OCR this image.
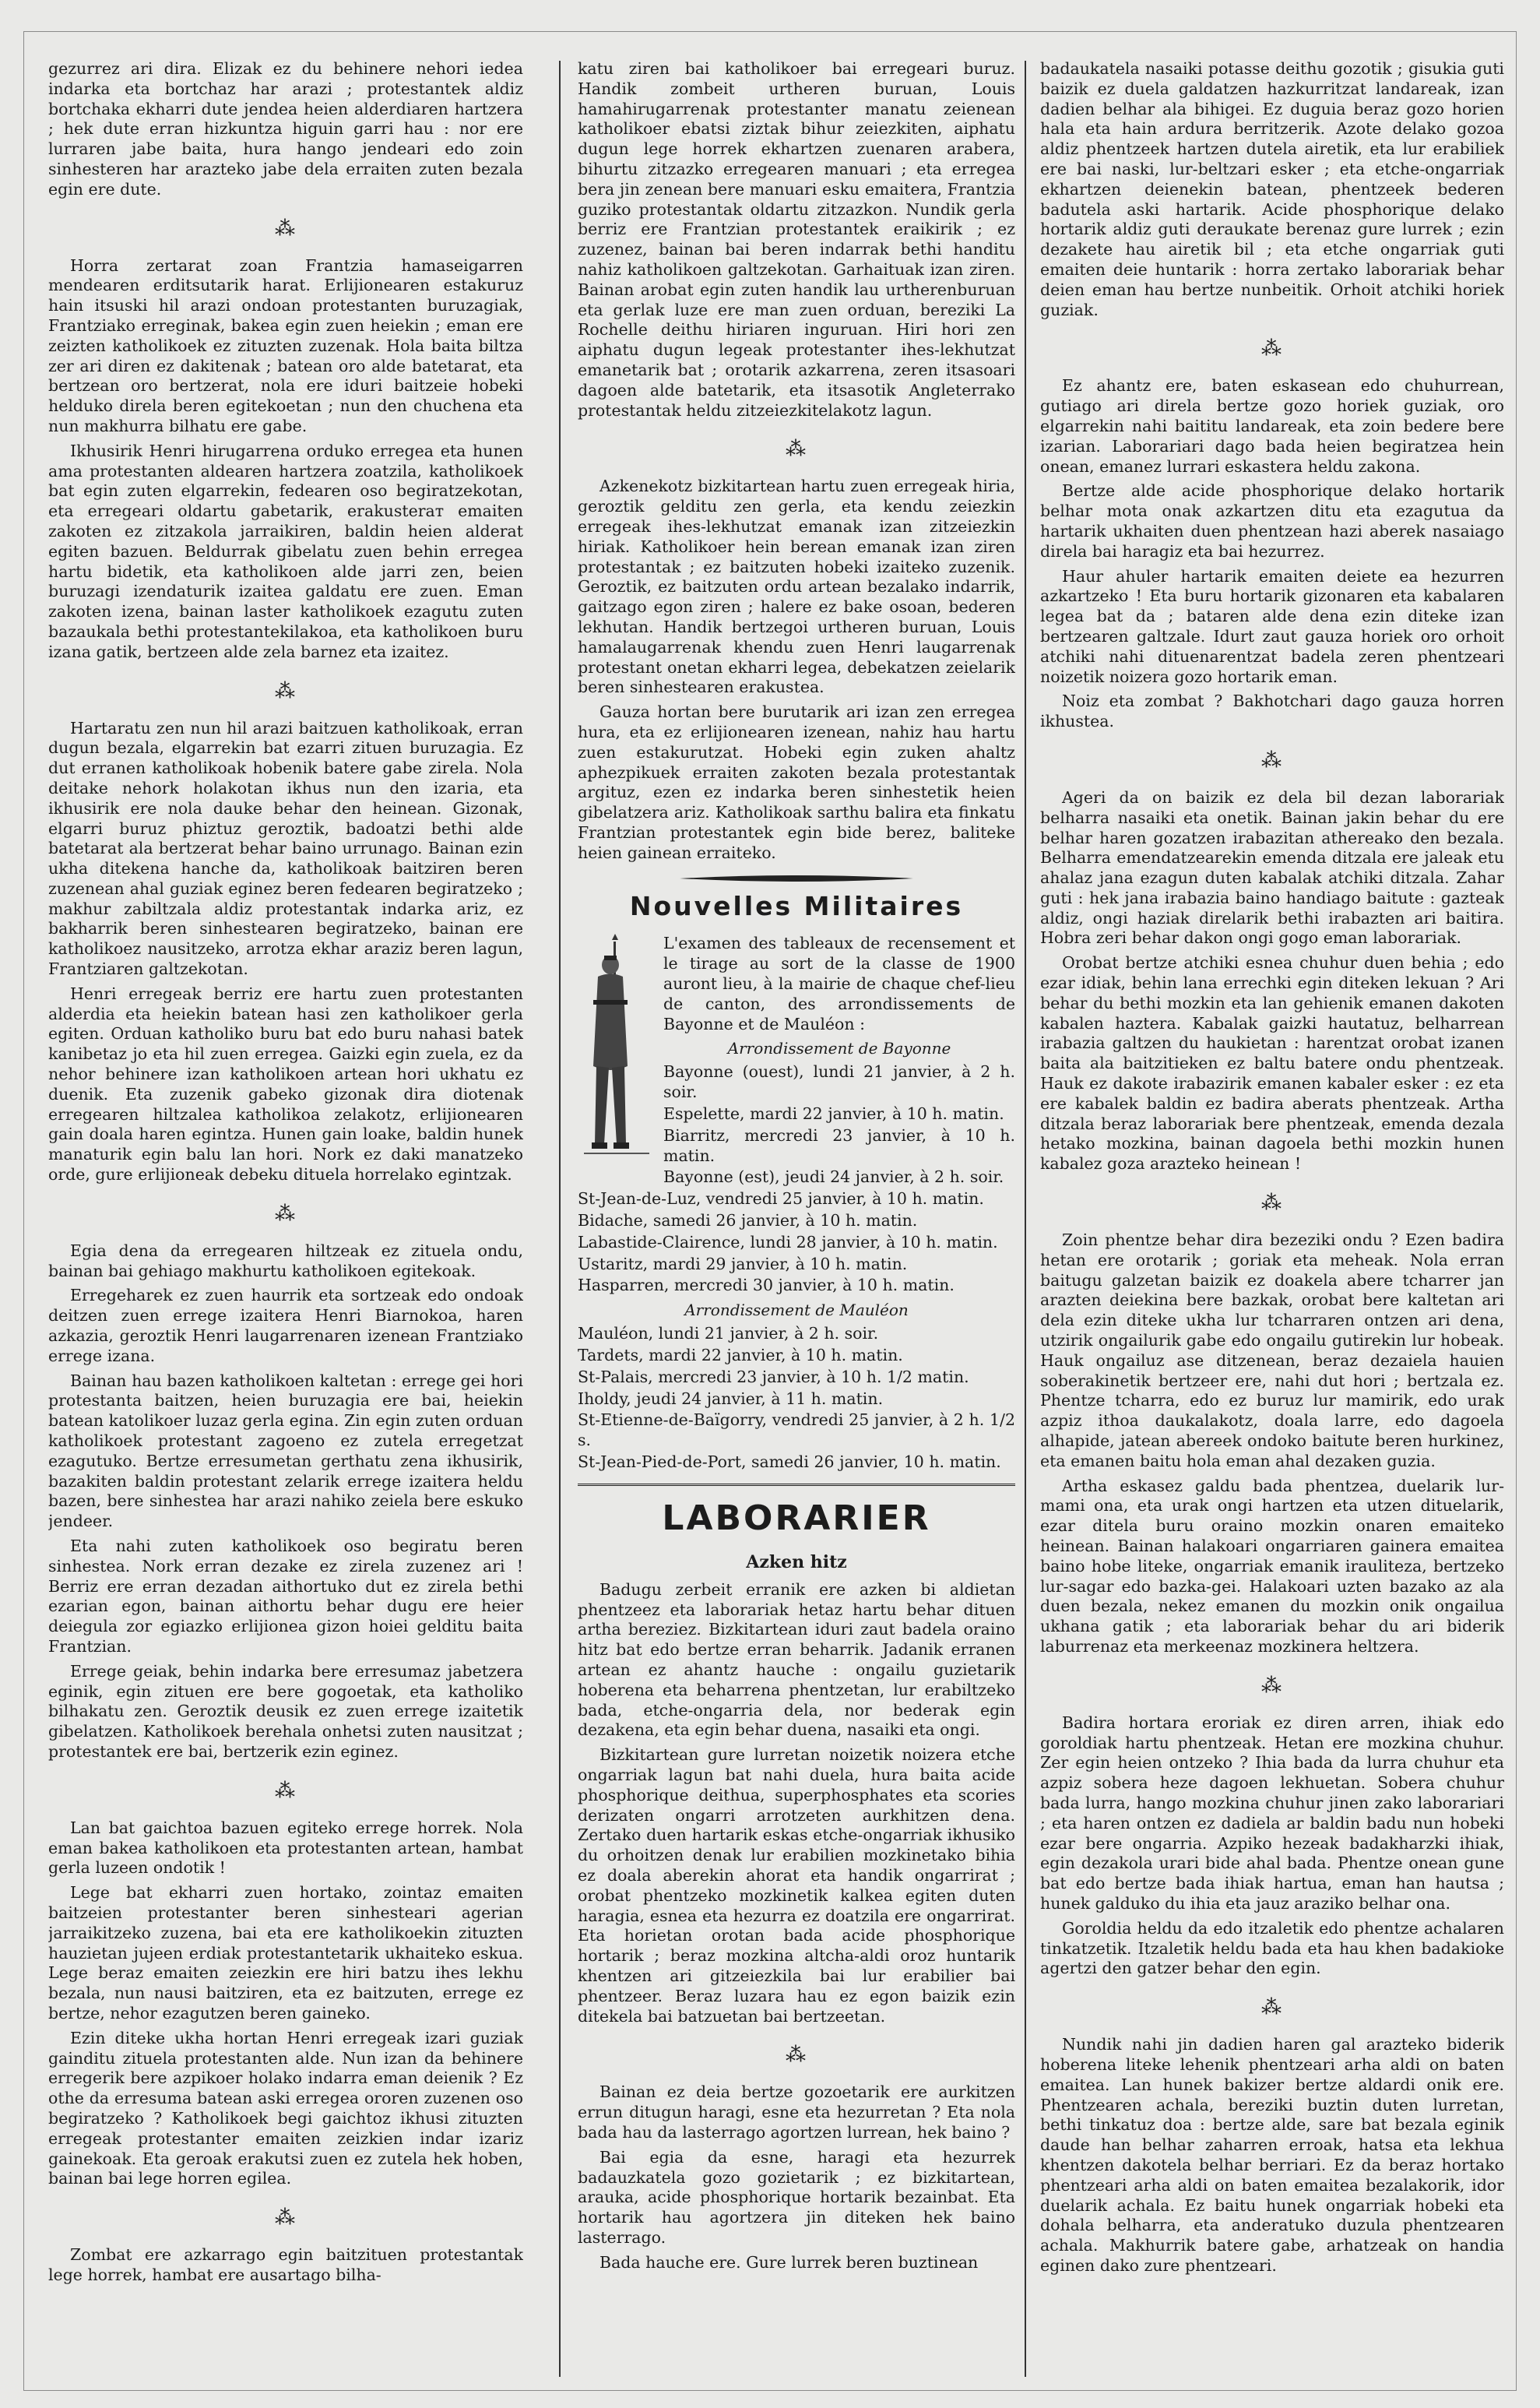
gezurrez ari dira. Elizak ez du behinere nehori iedea indarka eta bortchaz har arazi ; protestantek aldiz bortchaka ekharri dute jendea heien alderdiaren hartzera ; hek dute erran hizkuntza higuin garri hau : nor ere lurraren jabe baita, hura hango jendeari edo zoin sinhesteren har arazteko jabe dela erraiten zuten bezala egin ere dute.

⁂

Horra zertarat zoan Frantzia hamaseigarren mendearen erditsutarik harat. Erlijionearen estakuruz hain itsuski hil arazi ondoan protestanten buruzagiak, Frantziako erreginak, bakea egin zuen heiekin ; eman ere zeizten katholikoek ez zituzten zuzenak. Hola baita biltza zer ari diren ez dakitenak ; batean oro alde batetarat, eta bertzean oro bertzerat, nola ere iduri baitzeie hobeki helduko direla beren egitekoetan ; nun den chuchena eta nun makhurra bilhatu ere gabe.

Ikhusirik Henri hirugarrena orduko erregea eta hunen ama protestanten aldearen hartzera zoatzila, katholikoek bat egin zuten elgarrekin, fedearen oso begiratzekotan, eta erregeari oldartu gabetarik, erakusteraт emaiten zakoten ez zitzakola jarraikiren, baldin heien alderat egiten bazuen. Beldurrak gibelatu zuen behin erregea hartu bidetik, eta katholikoen alde jarri zen, beien buruzagi izendaturik izaitea galdatu ere zuen. Eman zakoten izena, bainan laster katholikoek ezagutu zuten bazaukala bethi protestantekilakoa, eta katholikoen buru izana gatik, bertzeen alde zela barnez eta izaitez.

⁂

Hartaratu zen nun hil arazi baitzuen katholikoak, erran dugun bezala, elgarrekin bat ezarri zituen buruzagia. Ez dut erranen katholikoak hobenik batere gabe zirela. Nola deitake nehork holakotan ikhus nun den izaria, eta ikhusirik ere nola dauke behar den heinean. Gizonak, elgarri buruz phiztuz geroztik, badoatzi bethi alde batetarat ala bertzerat behar baino urrunago. Bainan ezin ukha ditekena hanche da, katholikoak baitziren beren zuzenean ahal guziak eginez beren fedearen begiratzeko ; makhur zabiltzala aldiz protestantak indarka ariz, ez bakharrik beren sinhestearen begiratzeko, bainan ere katholikoez nausitzeko, arrotza ekhar araziz beren lagun, Frantziaren galtzekotan.

Henri erregeak berriz ere hartu zuen protestanten alderdia eta heiekin batean hasi zen katholikoer gerla egiten. Orduan katholiko buru bat edo buru nahasi batek kanibetaz jo eta hil zuen erregea. Gaizki egin zuela, ez da nehor behinere izan katholikoen artean hori ukhatu ez duenik. Eta zuzenik gabeko gizonak dira diotenak erregearen hiltzalea katholikoa zelakotz, erlijionearen gain doala haren egintza. Hunen gain loake, baldin hunek manaturik egin balu lan hori. Nork ez daki manatzeko orde, gure erlijioneak debeku dituela horrelako egintzak.

⁂

Egia dena da erregearen hiltzeak ez zituela ondu, bainan bai gehiago makhurtu katholikoen egitekoak.

Erregeharek ez zuen haurrik eta sortzeak edo ondoak deitzen zuen errege izaitera Henri Biarnokoa, haren azkazia, geroztik Henri laugarrenaren izenean Frantziako errege izana.

Bainan hau bazen katholikoen kaltetan : errege gei hori protestanta baitzen, heien buruzagia ere bai, heiekin batean katolikoer luzaz gerla egina. Zin egin zuten orduan katholikoek protestant zagoeno ez zutela erregetzat ezagutuko. Bertze erresumetan gerthatu zena ikhusirik, bazakiten baldin protestant zelarik errege izaitera heldu bazen, bere sinhestea har arazi nahiko zeiela bere eskuko jendeer.

Eta nahi zuten katholikoek oso begiratu beren sinhestea. Nork erran dezake ez zirela zuzenez ari ! Berriz ere erran dezadan aithortuko dut ez zirela bethi ezarian egon, bainan aithortu behar dugu ere heier deiegula zor egiazko erlijionea gizon hoiei gelditu baita Frantzian.

Errege geiak, behin indarka bere erresumaz jabetzera eginik, egin zituen ere bere gogoetak, eta katholiko bilhakatu zen. Geroztik deusik ez zuen errege izaitetik gibelatzen. Katholikoek berehala onhetsi zuten nausitzat ; protestantek ere bai, bertzerik ezin eginez.

⁂

Lan bat gaichtoa bazuen egiteko errege horrek. Nola eman bakea katholikoen eta protestanten artean, hambat gerla luzeen ondotik !

Lege bat ekharri zuen hortako, zointaz emaiten baitzeien protestanter beren sinhesteari agerian jarraikitzeko zuzena, bai eta ere katholikoekin zituzten hauzietan jujeen erdiak protestantetarik ukhaiteko eskua. Lege beraz emaiten zeiezkin ere hiri batzu ihes lekhu bezala, nun nausi baitziren, eta ez baitzuten, errege ez bertze, nehor ezagutzen beren gaineko.

Ezin diteke ukha hortan Henri erregeak izari guziak gainditu zituela protestanten alde. Nun izan da behinere erregerik bere azpikoer holako indarra eman deienik ? Ez othe da erresuma batean aski erregea ororen zuzenen oso begiratzeko ? Katholikoek begi gaichtoz ikhusi zituzten erregeak protestanter emaiten zeizkien indar izariz gainekoak. Eta geroak erakutsi zuen ez zutela hek hoben, bainan bai lege horren egilea.

⁂

Zombat ere azkarrago egin baitzituen protestantak lege horrek, hambat ere ausartago bilha-

katu ziren bai katholikoer bai erregeari buruz. Handik zombeit urtheren buruan, Louis hamahirugarrenak protestanter manatu zeienean katholikoer ebatsi ziztak bihur zeiezkiten, aiphatu dugun lege horrek ekhartzen zuenaren arabera, bihurtu zitzazko erregearen manuari ; eta erregea bera jin zenean bere manuari esku emaitera, Frantzia guziko protestantak oldartu zitzazkon. Nundik gerla berriz ere Frantzian protestantek eraikirik ; ez zuzenez, bainan bai beren indarrak bethi handitu nahiz katholikoen galtzekotan. Garhaituak izan ziren. Bainan arobat egin zuten handik lau urtherenburuan eta gerlak luze ere man zuen orduan, bereziki La Rochelle deithu hiriaren inguruan. Hiri hori zen aiphatu dugun legeak protestanter ihes-lekhutzat emanetarik bat ; orotarik azkarrena, zeren itsasoari dagoen alde batetarik, eta itsasotik Angleterrako protestantak heldu zitzeiezkitelakotz lagun.

⁂

Azkenekotz bizkitartean hartu zuen erregeak hiria, geroztik gelditu zen gerla, eta kendu zeiezkin erregeak ihes-lekhutzat emanak izan zitzeiezkin hiriak. Katholikoer hein berean emanak izan ziren protestantak ; ez baitzuten hobeki izaiteko zuzenik. Geroztik, ez baitzuten ordu artean bezalako indarrik, gaitzago egon ziren ; halere ez bake osoan, bederen lekhutan. Handik bertzegoi urtheren buruan, Louis hamalaugarrenak khendu zuen Henri laugarrenak protestant onetan ekharri legea, debekatzen zeielarik beren sinhestearen erakustea.

Gauza hortan bere burutarik ari izan zen erregea hura, eta ez erlijionearen izenean, nahiz hau hartu zuen estakurutzat. Hobeki egin zuken ahaltz aphezpikuek erraiten zakoten bezala protestantak argituz, ezen ez indarka beren sinhestetik heien gibelatzera ariz. Katholikoak sarthu balira eta finkatu Frantzian protestantek egin bide berez, baliteke heien gainean erraiteko.

Nouvelles Militaires

L'examen des tableaux de recensement et le tirage au sort de la classe de 1900 auront lieu, à la mairie de chaque chef-lieu de canton, des arrondissements de Bayonne et de Mauléon :

Arrondissement de Bayonne

Bayonne (ouest), lundi 21 janvier, à 2 h. soir.

Espelette, mardi 22 janvier, à 10 h. matin.

Biarritz, mercredi 23 janvier, à 10 h. matin.

Bayonne (est), jeudi 24 janvier, à 2 h. soir.

St-Jean-de-Luz, vendredi 25 janvier, à 10 h. matin.

Bidache, samedi 26 janvier, à 10 h. matin.

Labastide-Clairence, lundi 28 janvier, à 10 h. matin.

Ustaritz, mardi 29 janvier, à 10 h. matin.

Hasparren, mercredi 30 janvier, à 10 h. matin.

Arrondissement de Mauléon

Mauléon, lundi 21 janvier, à 2 h. soir.

Tardets, mardi 22 janvier, à 10 h. matin.

St-Palais, mercredi 23 janvier, à 10 h. 1/2 matin.

Iholdy, jeudi 24 janvier, à 11 h. matin.

St-Etienne-de-Baïgorry, vendredi 25 janvier, à 2 h. 1/2 s.

St-Jean-Pied-de-Port, samedi 26 janvier, 10 h. matin.

LABORARIER
Azken hitz

Badugu zerbeit erranik ere azken bi aldietan phentzeez eta laborariak hetaz hartu behar dituen artha bereziez. Bizkitartean iduri zaut badela oraino hitz bat edo bertze erran beharrik. Jadanik erranen artean ez ahantz hauche : ongailu guzietarik hoberena eta beharrena phentzetan, lur erabiltzeko bada, etche-ongarria dela, nor bederak egin dezakena, eta egin behar duena, nasaiki eta ongi.

Bizkitartean gure lurretan noizetik noizera etche ongarriak lagun bat nahi duela, hura baita acide phosphorique deithua, superphosphates eta scories derizaten ongarri arrotzeten aurkhitzen dena. Zertako duen hartarik eskas etche-ongarriak ikhusiko du orhoitzen denak lur erabilien mozkinetako bihia ez doala aberekin ahorat eta handik ongarrirat ; orobat phentzeko mozkinetik kalkea egiten duten haragia, esnea eta hezurra ez doatzila ere ongarrirat. Eta horietan orotan bada acide phosphorique hortarik ; beraz mozkina altcha-aldi oroz huntarik khentzen ari gitzeiezkila bai lur erabilier bai phentzeer. Beraz luzara hau ez egon baizik ezin ditekela bai batzuetan bai bertzeetan.

⁂

Bainan ez deia bertze gozoetarik ere aurkitzen errun ditugun haragi, esne eta hezurretan ? Eta nola bada hau da lasterrago agortzen lurrean, hek baino ?

Bai egia da esne, haragi eta hezurrek badauzkatela gozo gozietarik ; ez bizkitartean, arauka, acide phosphorique hortarik bezainbat. Eta hortarik hau agortzera jin diteken hek baino lasterrago.

Bada hauche ere. Gure lurrek beren buztinean

badaukatela nasaiki potasse deithu gozotik ; gisukia guti baizik ez duela galdatzen hazkurritzat landareak, izan dadien belhar ala bihigei. Ez duguia beraz gozo horien hala eta hain ardura berritzerik. Azote delako gozoa aldiz phentzeek hartzen dutela airetik, eta lur erabiliek ere bai naski, lur-beltzari esker ; eta etche-ongarriak ekhartzen deienekin batean, phentzeek bederen badutela aski hartarik. Acide phosphorique delako hortarik aldiz guti deraukate berenaz gure lurrek ; ezin dezakete hau airetik bil ; eta etche ongarriak guti emaiten deie huntarik : horra zertako laborariak behar deien eman hau bertze nunbeitik. Orhoit atchiki horiek guziak.

⁂

Ez ahantz ere, baten eskasean edo chuhurrean, gutiago ari direla bertze gozo horiek guziak, oro elgarrekin nahi baititu landareak, eta zoin bedere bere izarian. Laborariari dago bada heien begiratzea hein onean, emanez lurrari eskastera heldu zakona.

Bertze alde acide phosphorique delako hortarik belhar mota onak azkartzen ditu eta ezagutua da hartarik ukhaiten duen phentzean hazi aberek nasaiago direla bai haragiz eta bai hezurrez.

Haur ahuler hartarik emaiten deiete ea hezurren azkartzeko ! Eta buru hortarik gizonaren eta kabalaren legea bat da ; bataren alde dena ezin diteke izan bertzearen galtzale. Idurt zaut gauza horiek oro orhoit atchiki nahi dituenarentzat badela zeren phentzeari noizetik noizera gozo hortarik eman.

Noiz eta zombat ? Bakhotchari dago gauza horren ikhustea.

⁂

Ageri da on baizik ez dela bil dezan laborariak belharra nasaiki eta onetik. Bainan jakin behar du ere belhar haren gozatzen irabazitan athereako den bezala. Belharra emendatzearekin emenda ditzala ere jaleak etu ahalaz jana ezagun duten kabalak atchiki ditzala. Zahar guti : hek jana irabazia baino handiago baitute : gazteak aldiz, ongi haziak direlarik bethi irabazten ari baitira. Hobra zeri behar dakon ongi gogo eman laborariak.

Orobat bertze atchiki esnea chuhur duen behia ; edo ezar idiak, behin lana errechki egin diteken lekuan ? Ari behar du bethi mozkin eta lan gehienik emanen dakoten kabalen haztera. Kabalak gaizki hautatuz, belharrean irabazia galtzen du haukietan : harentzat orobat izanen baita ala baitzitieken ez baltu batere ondu phentzeak. Hauk ez dakote irabazirik emanen kabaler esker : ez eta ere kabalek baldin ez badira aberats phentzeak. Artha ditzala beraz laborariak bere phentzeak, emenda dezala hetako mozkina, bainan dagoela bethi mozkin hunen kabalez goza arazteko heinean !

⁂

Zoin phentze behar dira bezeziki ondu ? Ezen badira hetan ere orotarik ; goriak eta meheak. Nola erran baitugu galzetan baizik ez doakela abere tcharrer jan arazten deiekina bere bazkak, orobat bere kaltetan ari dela ezin diteke ukha lur tcharraren ontzen ari dena, utzirik ongailurik gabe edo ongailu gutirekin lur hobeak. Hauk ongailuz ase ditzenean, beraz dezaiela hauien soberakinetik bertzeer ere, nahi dut hori ; bertzala ez. Phentze tcharra, edo ez buruz lur mamirik, edo urak azpiz ithoa daukalakotz, doala larre, edo dagoela alhapide, jatean abereek ondoko baitute beren hurkinez, eta emanen baitu hola eman ahal dezaken guzia.

Artha eskasez galdu bada phentzea, duelarik lur-mami ona, eta urak ongi hartzen eta utzen dituelarik, ezar ditela buru oraino mozkin onaren emaiteko heinean. Bainan halakoari ongarriaren gainera emaitea baino hobe liteke, ongarriak emanik irauliteza, bertzeko lur-sagar edo bazka-gei. Halakoari uzten bazako az ala duen bezala, nekez emanen du mozkin onik ongailua ukhana gatik ; eta laborariak behar du ari biderik laburrenaz eta merkeenaz mozkinera heltzera.

⁂

Badira hortara eroriak ez diren arren, ihiak edo goroldiak hartu phentzeak. Hetan ere mozkina chuhur. Zer egin heien ontzeko ? Ihia bada da lurra chuhur eta azpiz sobera heze dagoen lekhuetan. Sobera chuhur bada lurra, hango mozkina chuhur jinen zako laborariari ; eta haren ontzen ez dadiela ar baldin badu nun hobeki ezar bere ongarria. Azpiko hezeak badakharzki ihiak, egin dezakola urari bide ahal bada. Phentze onean gune bat edo bertze bada ihiak hartua, eman han hautsa ; hunek galduko du ihia eta jauz araziko belhar ona.

Goroldia heldu da edo itzaletik edo phentze achalaren tinkatzetik. Itzaletik heldu bada eta hau khen badakioke agertzi den gatzer behar den egin.

⁂

Nundik nahi jin dadien haren gal arazteko biderik hoberena liteke lehenik phentzeari arha aldi on baten emaitea. Lan hunek bakizer bertze aldardi onik ere. Phentzearen achala, bereziki buztin duten lurretan, bethi tinkatuz doa : bertze alde, sare bat bezala eginik daude han belhar zaharren erroak, hatsa eta lekhua khentzen dakotela belhar berriari. Ez da beraz hortako phentzeari arha aldi on baten emaitea bezalakorik, idor duelarik achala. Ez baitu hunek ongarriak hobeki eta dohala belharra, eta anderatuko duzula phentzearen achala. Makhurrik batere gabe, arhatzeak on handia eginen dako zure phentzeari.
